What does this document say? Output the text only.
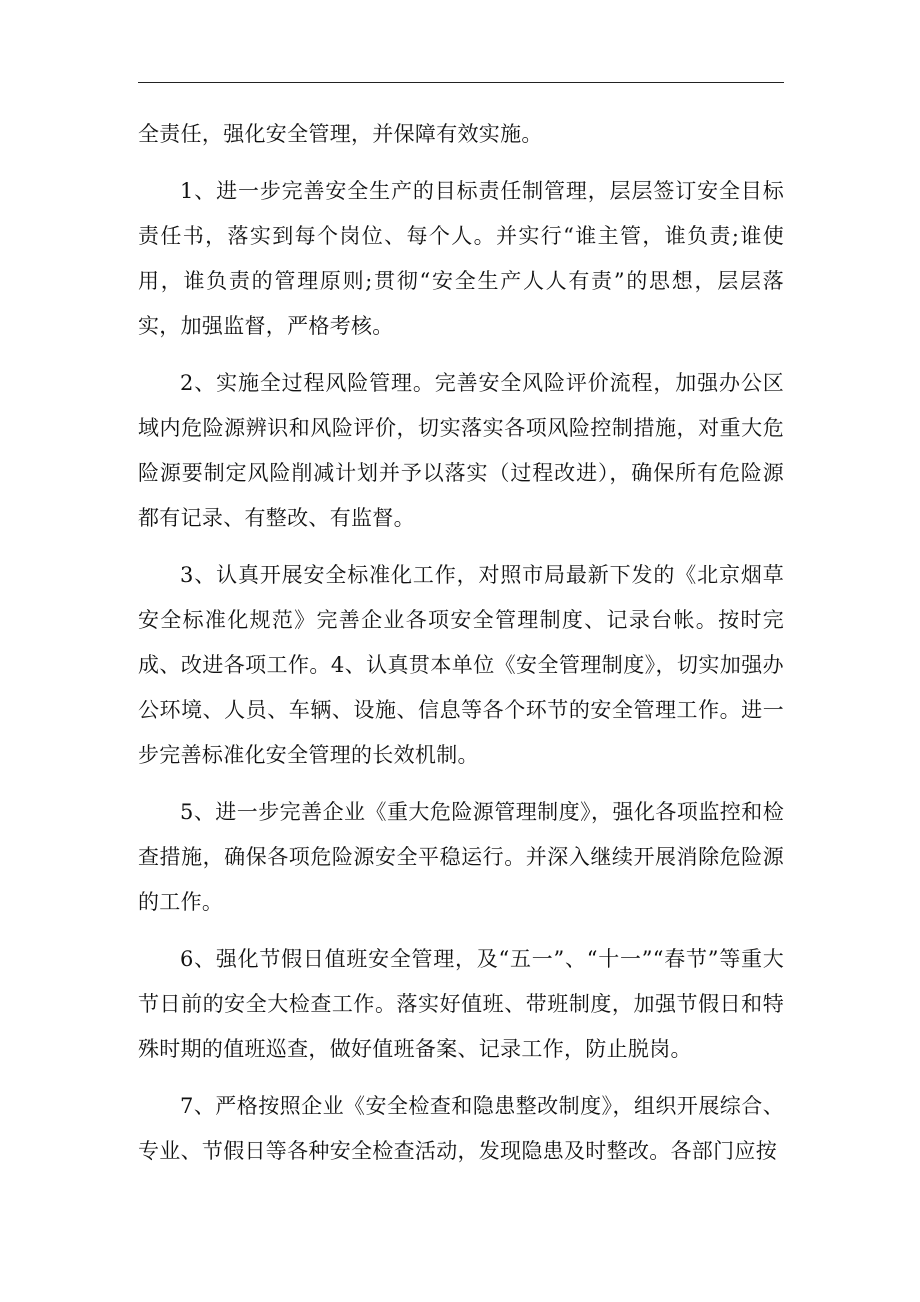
全责任，强化安全管理，并保障有效实施。

1、进一步完善安全生产的目标责任制管理，层层签订安全目标责任书，落实到每个岗位、每个人。并实行“谁主管，谁负责;谁使用，谁负责的管理原则;贯彻“安全生产人人有责”的思想，层层落实，加强监督，严格考核。

2、实施全过程风险管理。完善安全风险评价流程，加强办公区域内危险源辨识和风险评价，切实落实各项风险控制措施，对重大危险源要制定风险削减计划并予以落实（过程改进），确保所有危险源都有记录、有整改、有监督。

3、认真开展安全标准化工作，对照市局最新下发的《北京烟草安全标准化规范》完善企业各项安全管理制度、记录台帐。按时完成、改进各项工作。4、认真贯本单位《安全管理制度》，切实加强办公环境、人员、车辆、设施、信息等各个环节的安全管理工作。进一步完善标准化安全管理的长效机制。

5、进一步完善企业《重大危险源管理制度》，强化各项监控和检查措施，确保各项危险源安全平稳运行。并深入继续开展消除危险源的工作。

6、强化节假日值班安全管理，及“五一”、“十一”“春节”等重大节日前的安全大检查工作。落实好值班、带班制度，加强节假日和特殊时期的值班巡查，做好值班备案、记录工作，防止脱岗。

7、严格按照企业《安全检查和隐患整改制度》，组织开展综合、专业、节假日等各种安全检查活动，发现隐患及时整改。各部门应按
